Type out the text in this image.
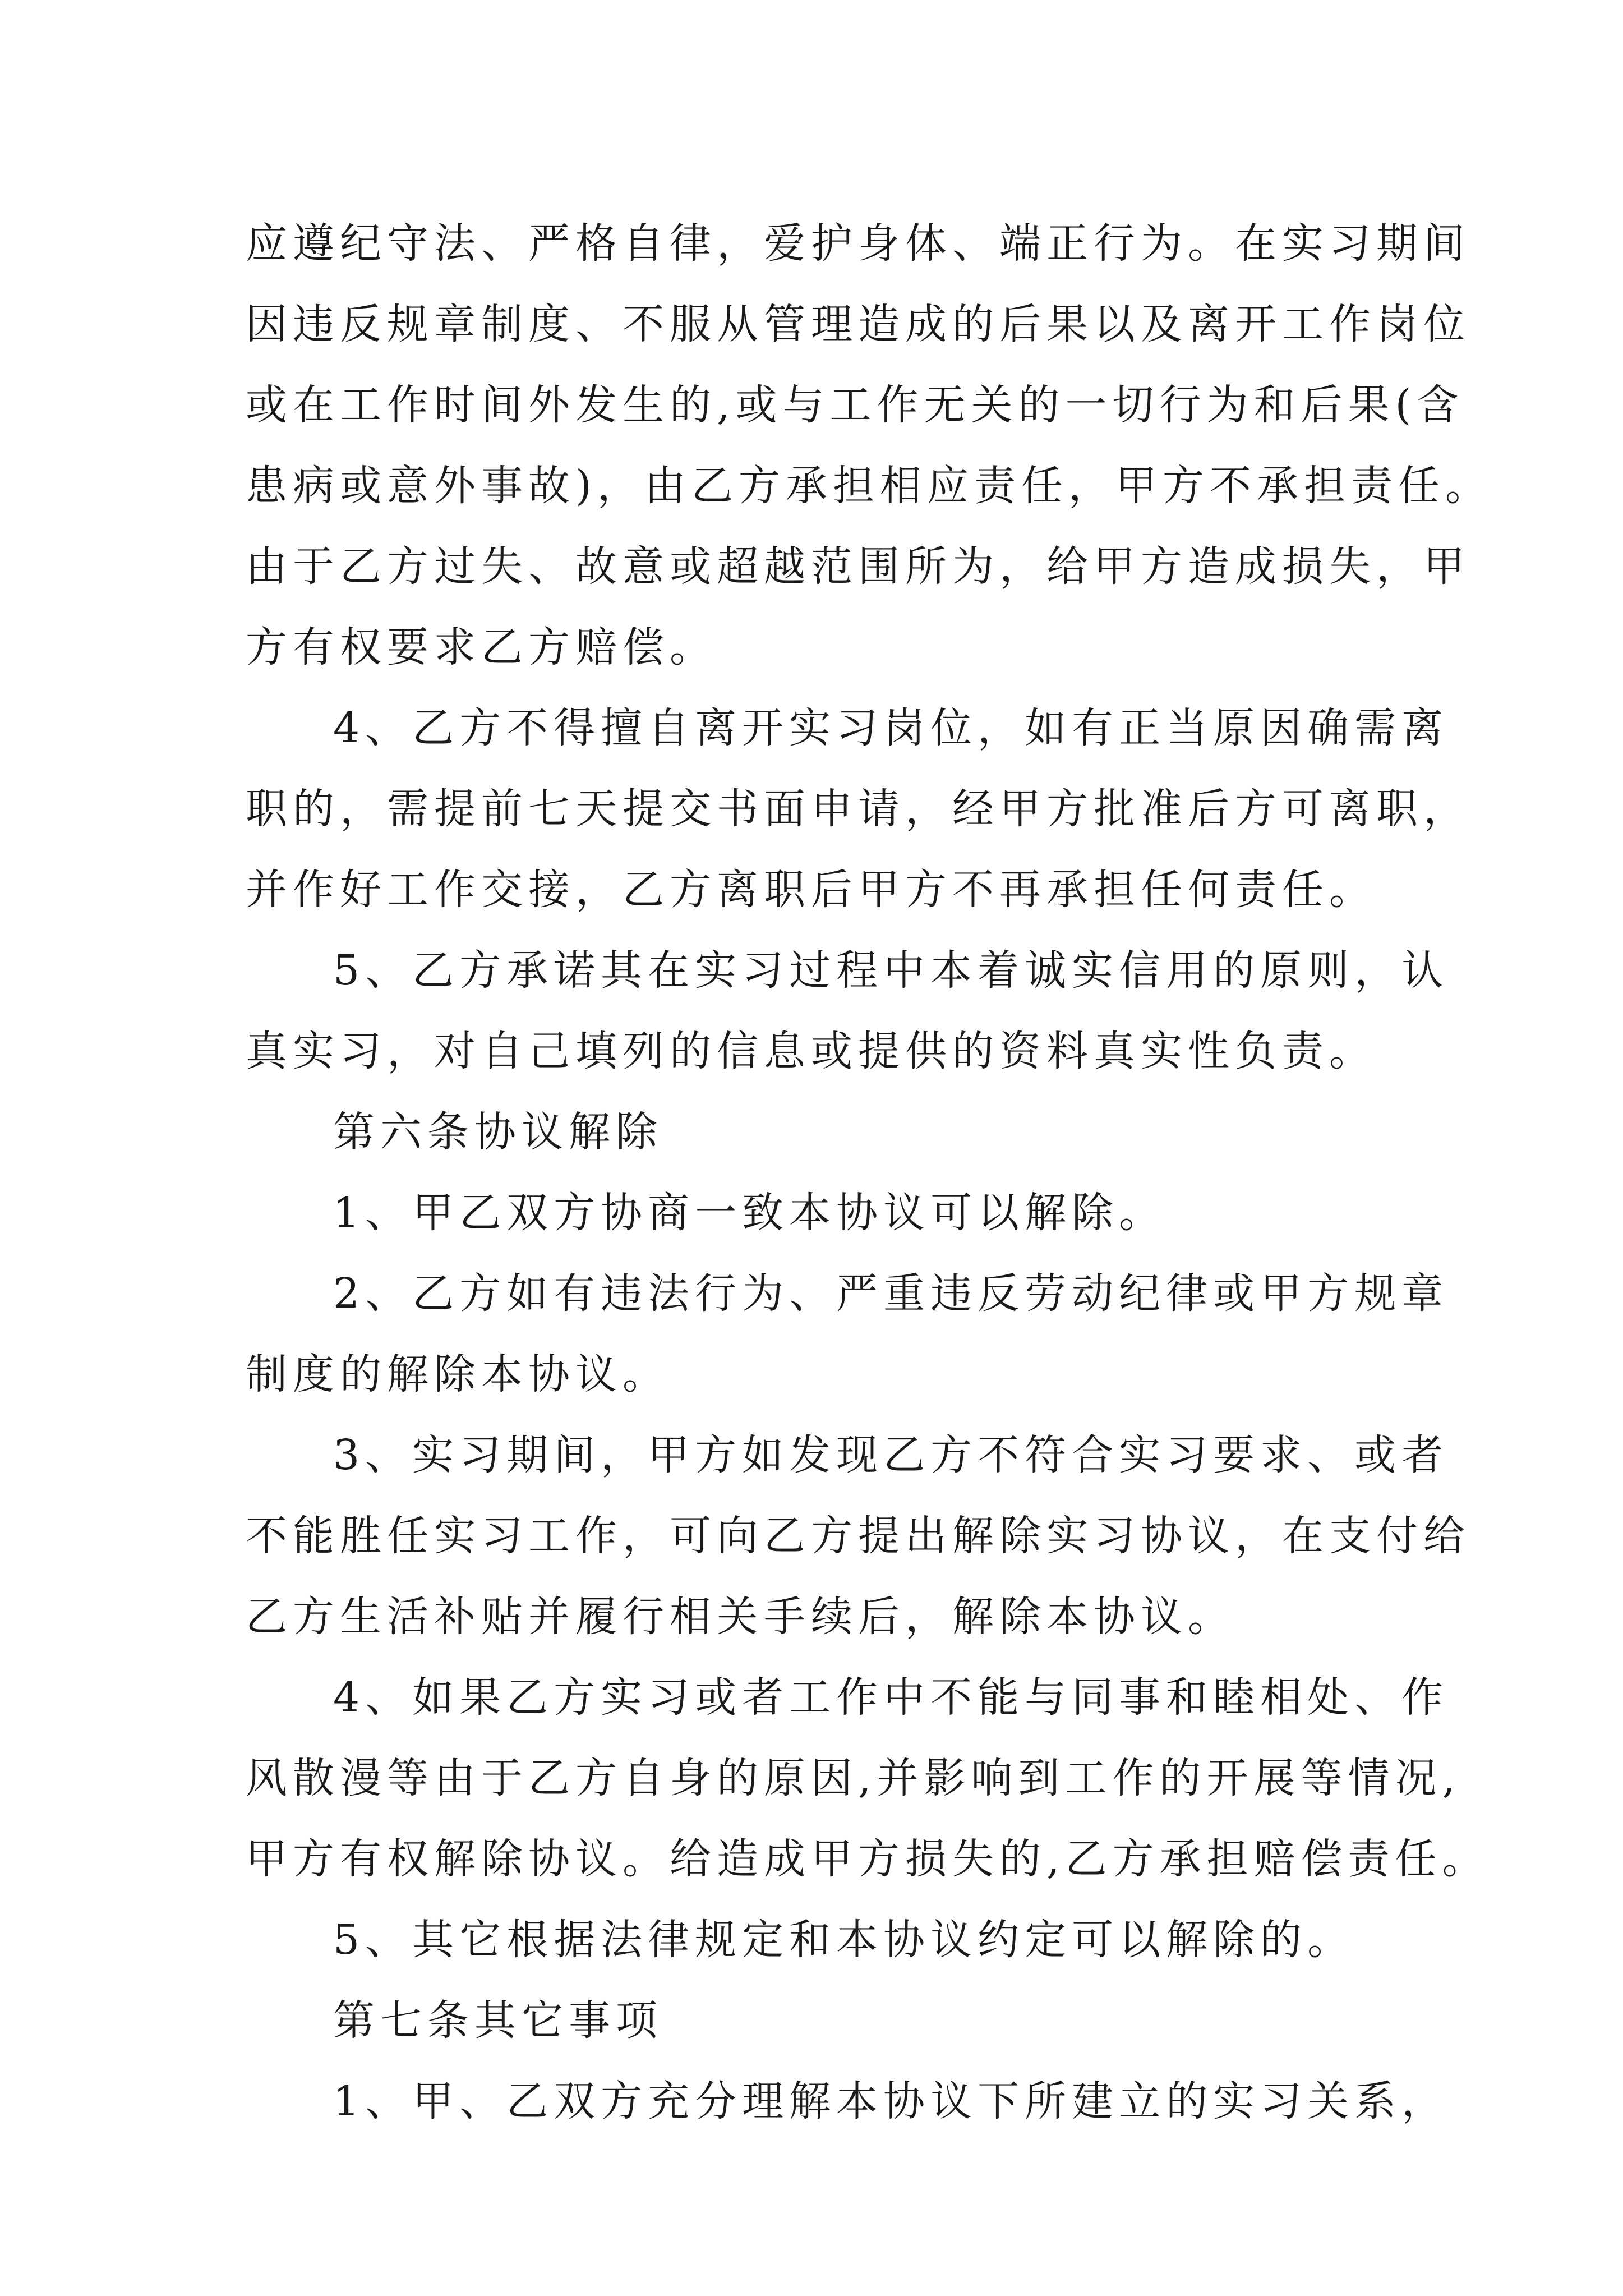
应遵纪守法、严格自律，爱护身体、端正行为。在实习期间
因违反规章制度、不服从管理造成的后果以及离开工作岗位
或在工作时间外发生的,或与工作无关的一切行为和后果(含
患病或意外事故)，由乙方承担相应责任，甲方不承担责任。
由于乙方过失、故意或超越范围所为，给甲方造成损失，甲
方有权要求乙方赔偿。
4、乙方不得擅自离开实习岗位，如有正当原因确需离
职的，需提前七天提交书面申请，经甲方批准后方可离职，
并作好工作交接，乙方离职后甲方不再承担任何责任。
5、乙方承诺其在实习过程中本着诚实信用的原则，认
真实习，对自己填列的信息或提供的资料真实性负责。
第六条协议解除
1、甲乙双方协商一致本协议可以解除。
2、乙方如有违法行为、严重违反劳动纪律或甲方规章
制度的解除本协议。
3、实习期间，甲方如发现乙方不符合实习要求、或者
不能胜任实习工作，可向乙方提出解除实习协议，在支付给
乙方生活补贴并履行相关手续后，解除本协议。
4、如果乙方实习或者工作中不能与同事和睦相处、作
风散漫等由于乙方自身的原因,并影响到工作的开展等情况,
甲方有权解除协议。给造成甲方损失的,乙方承担赔偿责任。
5、其它根据法律规定和本协议约定可以解除的。
第七条其它事项
1、甲、乙双方充分理解本协议下所建立的实习关系，
